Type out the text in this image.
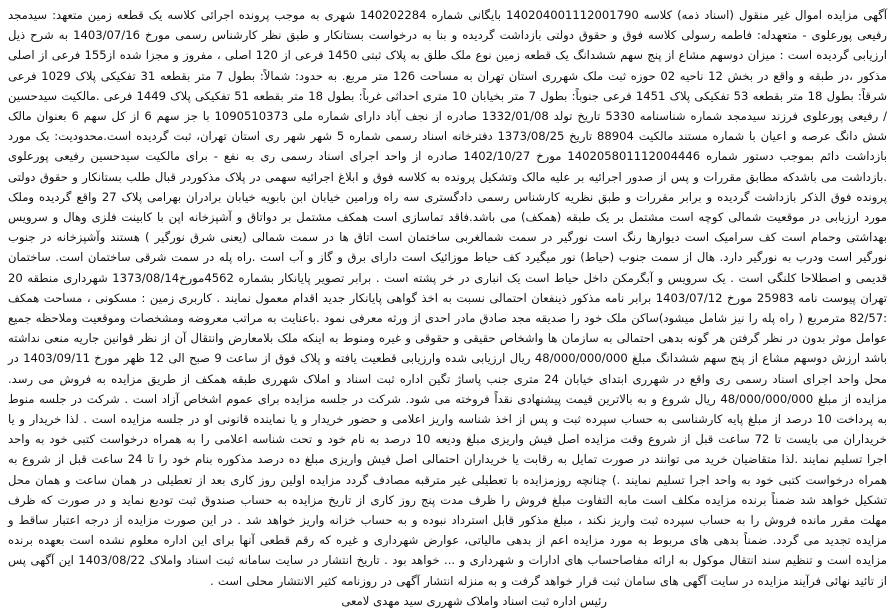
آگهی مزایده اموال غیر منقول (اسناد ذمه) کلاسه 140204001112001790 بایگانی شماره 140202284 شهری به موجب پرونده اجرائی کلاسه یک قطعه زمین متعهد: سیدمجد رفیعی پورعلوی - متعهدله: فاطمه رسولی کلاسه فوق و حقوق دولتی بازداشت گردیده و بنا به درخواست بستانکار و طبق نظر کارشناس رسمی مورخ 1403/07/16 به شرح ذیل ارزیابی گردیده است : میزان دوسهم مشاع از پنج سهم ششدانگ یک قطعه زمین نوع ملک طلق به پلاک ثبتی 1450 فرعی از 120 اصلی ، مفروز و مجزا شده از155 فرعی از اصلی مذکور ،در طبقه و واقع در بخش 12 ناحیه 02 حوزه ثبت ملک شهرری استان تهران به مساحت 126 متر مربع. به حدود: شمالاً: بطول 7 متر بقطعه 31 تفکیکی پلاک 1029 فرعی شرقاً: بطول 18 متر بقطعه 53 تفکیکی پلاک 1451 فرعی جنوباً: بطول 7 متر بخیابان 10 متری احداثی غرباً: بطول 18 متر بقطعه 51 تفکیکی پلاک 1449 فرعی .مالکیت سیدحسین / رفیعی پورعلوی فرزند سیدمجد شماره شناسنامه 5330 تاریخ تولد 1332/01/08 صادره از نجف آباد دارای شماره ملی 1090510373 با جز سهم 6 از کل سهم 6 بعنوان مالک شش دانگ عرصه و اعیان با شماره مستند مالکیت 88904 تاریخ 1373/08/25 دفترخانه اسناد رسمی شماره 5 شهر شهر ری استان تهران، ثبت گردیده است.محدودیت: یک مورد بازداشت دائم بموجب دستور شماره 140205801112004446 مورخ 1402/10/27 صادره از واحد اجرای اسناد رسمی ری به نفع - برای مالکیت سیدحسین رفیعی پورعلوی .بازداشت می باشدکه مطابق مقررات و پس از صدور اجرائیه بر علیه مالک وتشکیل پرونده به کلاسه فوق و ابلاغ اجرائیه سهمی در پلاک مذکوردر قبال طلب بستانکار و حقوق دولتی پرونده فوق الذکر بازداشت گردیده و برابر مقررات و طبق نظریه کارشناس رسمی دادگستری سه راه ورامین خیابان ابن بابویه خیابان برادران بهرامی پلاک 27 واقع گردیده وملک مورد ارزیابی در موقعیت شمالی کوچه است مشتمل بر یک طبقه (همکف) می باشد.فاقد تماسازی است همکف مشتمل بر دواتاق و آشپزخانه اپن با کابینت فلزی وهال و سرویس بهداشتی وحمام است کف سرامیک است دیوارها رنگ است نورگیر در سمت شمالغربی ساختمان است اتاق ها در سمت شمالی (یعنی شرق نورگیر ) هستند وآشپزخانه در جنوب نورگیر است ودرب به نورگیر دارد. هال از سمت جنوب (حیاط) نور میگیرد کف حیاط موزائیک است دارای برق و گاز و آب است .راه پله در سمت شرقی ساختمان است. ساختمان قدیمی و اصطلاحا کلنگی است . یک سرویس و آبگرمکن داخل حیاط است یک انباری در خر پشته است . برابر تصویر پایانکار بشماره 4562مورخ1373/08/14 شهرداری منطقه 20 تهران پیوست نامه 25983 مورخ 1403/07/12 برابر نامه مذکور ذینفعان احتمالی نسبت به اخذ گواهی پایانکار جدید اقدام معمول نمایند . کاربری زمین : مسکونی ، مساحت همکف :82/57 مترمربع ( راه پله را نیز شامل میشود)ساکن ملک خود را صدیقه مجد صادق مادر احدی از ورثه معرفی نمود .باعنایت به مراتب معروضه ومشخصات وموقعیت وملاحظه جمیع عوامل موثر بدون در نظر گرفتن هر گونه بدهی احتمالی به سازمان ها واشخاص حقیقی و حقوقی و غیره ومنوط به اینکه ملک بلامعارض وانتقال آن از نظر قوانین جاریه منعی نداشته باشد ارزش دوسهم مشاع از پنج سهم ششدانگ مبلغ 48/000/000/000 ریال ارزیابی شده وارزیابی قطعیت یافته و پلاک فوق از ساعت 9 صبح الی 12 ظهر مورخ 1403/09/11 در محل واحد اجرای اسناد رسمی ری واقع در شهرری ابتدای خیابان 24 متری جنب پاساژ تگین اداره ثبت اسناد و املاک شهرری طبقه همکف از طریق مزایده به فروش می رسد. مزایده از مبلغ 48/000/000/000 ریال شروع و به بالاترین قیمت پیشنهادی نقداً فروخته می شود. شرکت در جلسه مزایده برای عموم اشخاص آزاد است . شرکت در جلسه منوط به پرداخت 10 درصد از مبلغ پایه کارشناسی به حساب سپرده ثبت و پس از اخذ شناسه واریز اعلامی و حضور خریدار و یا نماینده قانونی او در جلسه مزایده است . لذا خریدار و یا خریداران می بایست تا 72 ساعت قبل از شروع وقت مزایده اصل فیش واریزی مبلغ ودیعه 10 درصد به نام خود و تحت شناسه اعلامی را به همراه درخواست کتبی خود به واحد اجرا تسلیم نمایند .لذا متقاضیان خرید می توانند در صورت تمایل به رقابت یا خریداران احتمالی اصل فیش واریزی مبلغ ده درصد مذکوره بنام خود را تا 24 ساعت قبل از شروع به همراه درخواست کتبی خود به واحد اجرا تسلیم نمایند .) چنانچه روزمزایده با تعطیلی غیر مترقبه مصادف گردد مزایده اولین روز کاری بعد از تعطیلی در همان ساعت و همان محل تشکیل خواهد شد ضمناً برنده مزایده مکلف است مابه التفاوت مبلغ فروش را ظرف مدت پنج روز کاری از تاریخ مزایده به حساب صندوق ثبت تودیع نماید و در صورت که ظرف مهلت مقرر مانده فروش را به حساب سپرده ثبت واریز نکند ، مبلغ مذکور قابل استرداد نبوده و به حساب خزانه واریز خواهد شد . در این صورت مزایده از درجه اعتبار ساقط و مزایده تجدید می گردد. ضمناً بدهی های مربوط به مورد مزایده اعم از بدهی مالیاتی، عوارض شهرداری و غیره که رقم قطعی آنها برای این اداره معلوم نشده است بعهده برنده مزایده است و تنظیم سند انتقال موکول به ارائه مفاصاحساب های ادارات و شهرداری و ... خواهد بود . تاریخ انتشار در سایت سامانه ثبت اسناد واملاک 1403/08/22 این آگهی پس از تائید نهائی فرآیند مزایده در سایت آگهی های سامان ثبت قرار خواهد گرفت و به منزله انتشار آگهی در روزنامه کثیر الانتشار محلی است .

رئیس اداره ثبت اسناد واملاک شهرری سید مهدی لامعی
